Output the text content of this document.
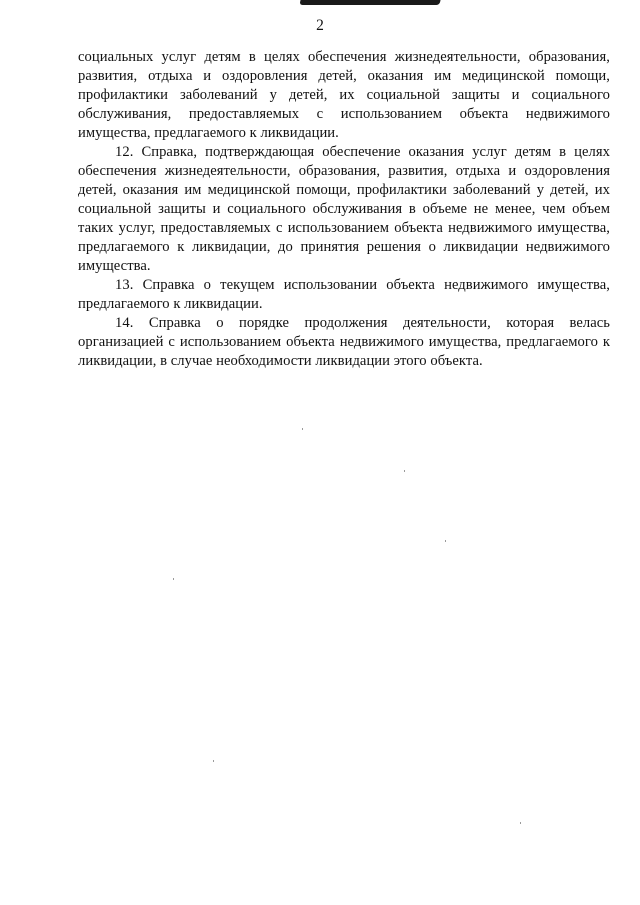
2

социальных услуг детям в целях обеспечения жизнедеятельности, образования, развития, отдыха и оздоровления детей, оказания им медицинской помощи, профилактики заболеваний у детей, их социальной защиты и социального обслуживания, предоставляемых с использованием объекта недвижимого имущества, предлагаемого к ликвидации.

12. Справка, подтверждающая обеспечение оказания услуг детям в целях обеспечения жизнедеятельности, образования, развития, отдыха и оздоровления детей, оказания им медицинской помощи, профилактики заболеваний у детей, их социальной защиты и социального обслуживания в объеме не менее, чем объем таких услуг, предоставляемых с использованием объекта недвижимого имущества, предлагаемого к ликвидации, до принятия решения о ликвидации недвижимого имущества.

13. Справка о текущем использовании объекта недвижимого имущества, предлагаемого к ликвидации.

14. Справка о порядке продолжения деятельности, которая велась организацией с использованием объекта недвижимого имущества, предлагаемого к ликвидации, в случае необходимости ликвидации этого объекта.
